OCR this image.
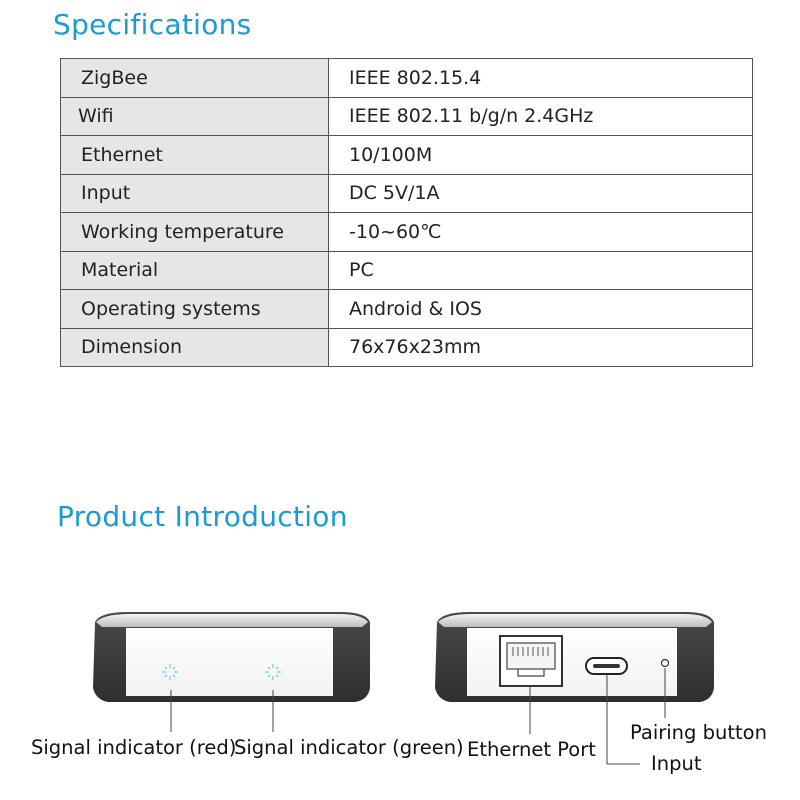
Specifications
ZigBee	IEEE 802.15.4
Wifi	IEEE 802.11 b/g/n 2.4GHz
Ethernet	10/100M
Input	DC 5V/1A
Working temperature	-10~60℃
Material	PC
Operating systems	Android & IOS
Dimension	76x76x23mm
Product Introduction
Signal indicator (red)
Signal indicator (green) Ethernet Port
Pairing button
Input
